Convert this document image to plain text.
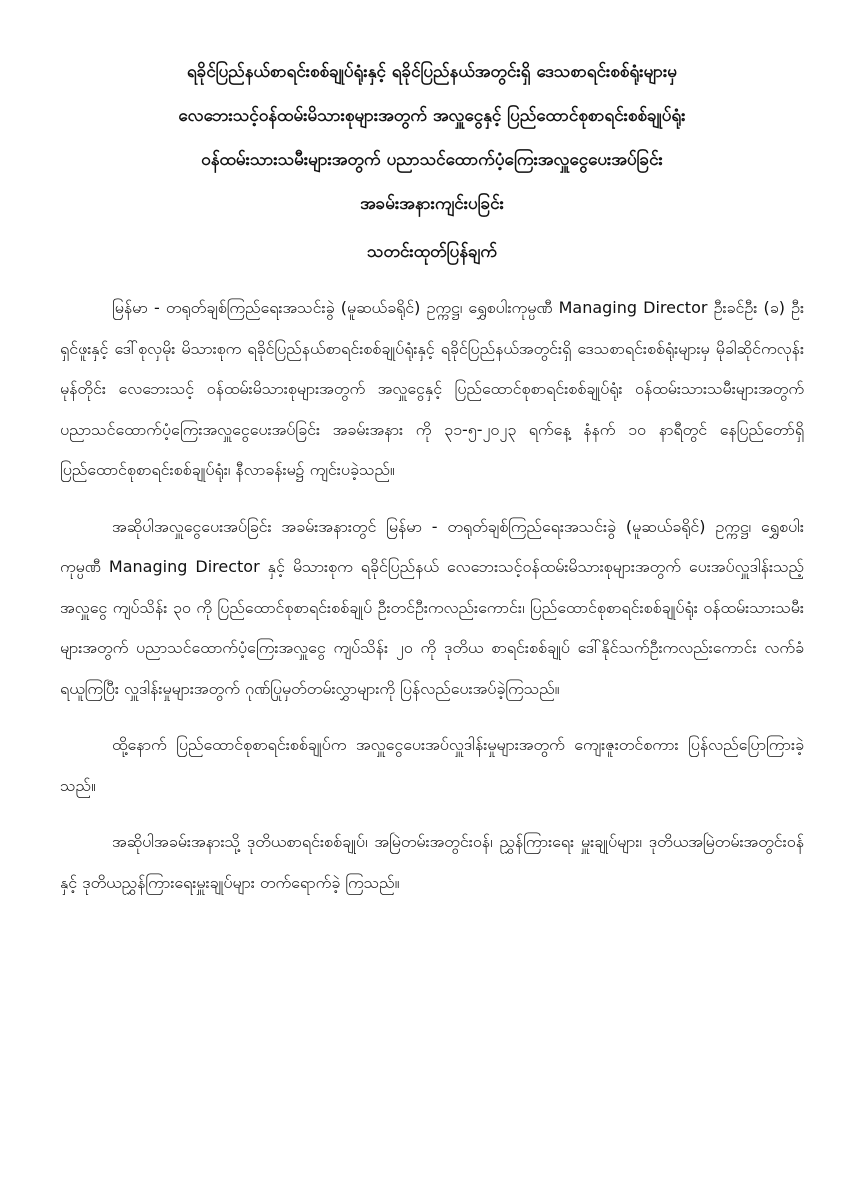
ရခိုင်ပြည်နယ်စာရင်းစစ်ချုပ်ရုံးနှင့် ရခိုင်ပြည်နယ်အတွင်းရှိ ဒေသစာရင်းစစ်ရုံးများမှ
လေဘေးသင့်ဝန်ထမ်းမိသားစုများအတွက် အလှူငွေနှင့် ပြည်ထောင်စုစာရင်းစစ်ချုပ်ရုံး
ဝန်ထမ်းသားသမီးများအတွက် ပညာသင်ထောက်ပံ့ကြေးအလှူငွေပေးအပ်ခြင်း
အခမ်းအနားကျင်းပခြင်း
သတင်းထုတ်ပြန်ချက်

မြန်မာ - တရုတ်ချစ်ကြည်ရေးအသင်းခွဲ (မူဆယ်ခရိုင်) ဥက္ကဋ္ဌ၊ ရွှေစပါးကုမ္ပဏီ Managing Director ဦးခင်ဦး (ခ) ဦးရှင်ဖူးနှင့် ဒေါ်စုလှမိုး မိသားစုက ရခိုင်ပြည်နယ်စာရင်းစစ်ချုပ်ရုံးနှင့် ရခိုင်ပြည်နယ်အတွင်းရှိ ဒေသစာရင်းစစ်ရုံးများမှ မိုခါဆိုင်ကလုန်းမုန်တိုင်း လေဘေးသင့် ဝန်ထမ်းမိသားစုများအတွက် အလှူငွေနှင့် ပြည်ထောင်စုစာရင်းစစ်ချုပ်ရုံး ဝန်ထမ်းသားသမီးများအတွက် ပညာသင်ထောက်ပံ့ကြေးအလှူငွေပေးအပ်ခြင်း အခမ်းအနား ကို ၃၁-၅-၂၀၂၃ ရက်နေ့ နံနက် ၁၀ နာရီတွင် နေပြည်တော်ရှိ ပြည်ထောင်စုစာရင်းစစ်ချုပ်ရုံး၊ နီလာခန်းမ၌ ကျင်းပခဲ့သည်။

အဆိုပါအလှူငွေပေးအပ်ခြင်း အခမ်းအနားတွင် မြန်မာ - တရုတ်ချစ်ကြည်ရေးအသင်းခွဲ (မူဆယ်ခရိုင်) ဥက္ကဋ္ဌ၊ ရွှေစပါးကုမ္ပဏီ Managing Director နှင့် မိသားစုက ရခိုင်ပြည်နယ် လေဘေးသင့်ဝန်ထမ်းမိသားစုများအတွက် ပေးအပ်လှူဒါန်းသည့် အလှူငွေ ကျပ်သိန်း ၃၀ ကို ပြည်ထောင်စုစာရင်းစစ်ချုပ် ဦးတင်ဦးကလည်းကောင်း၊ ပြည်ထောင်စုစာရင်းစစ်ချုပ်ရုံး ဝန်ထမ်းသားသမီးများအတွက် ပညာသင်ထောက်ပံ့ကြေးအလှူငွေ ကျပ်သိန်း ၂၀ ကို ဒုတိယ စာရင်းစစ်ချုပ် ဒေါ်နိုင်သက်ဦးကလည်းကောင်း လက်ခံရယူကြပြီး လှူဒါန်းမှုများအတွက် ဂုဏ်ပြုမှတ်တမ်းလွှာများကို ပြန်လည်ပေးအပ်ခဲ့ကြသည်။

ထို့နောက် ပြည်ထောင်စုစာရင်းစစ်ချုပ်က အလှူငွေပေးအပ်လှူဒါန်းမှုများအတွက် ကျေးဇူးတင်စကား ပြန်လည်ပြောကြားခဲ့သည်။

အဆိုပါအခမ်းအနားသို့ ဒုတိယစာရင်းစစ်ချုပ်၊ အမြဲတမ်းအတွင်းဝန်၊ ညွှန်ကြားရေး မှူးချုပ်များ၊ ဒုတိယအမြဲတမ်းအတွင်းဝန်နှင့် ဒုတိယညွှန်ကြားရေးမှူးချုပ်များ တက်ရောက်ခဲ့ ကြသည်။
